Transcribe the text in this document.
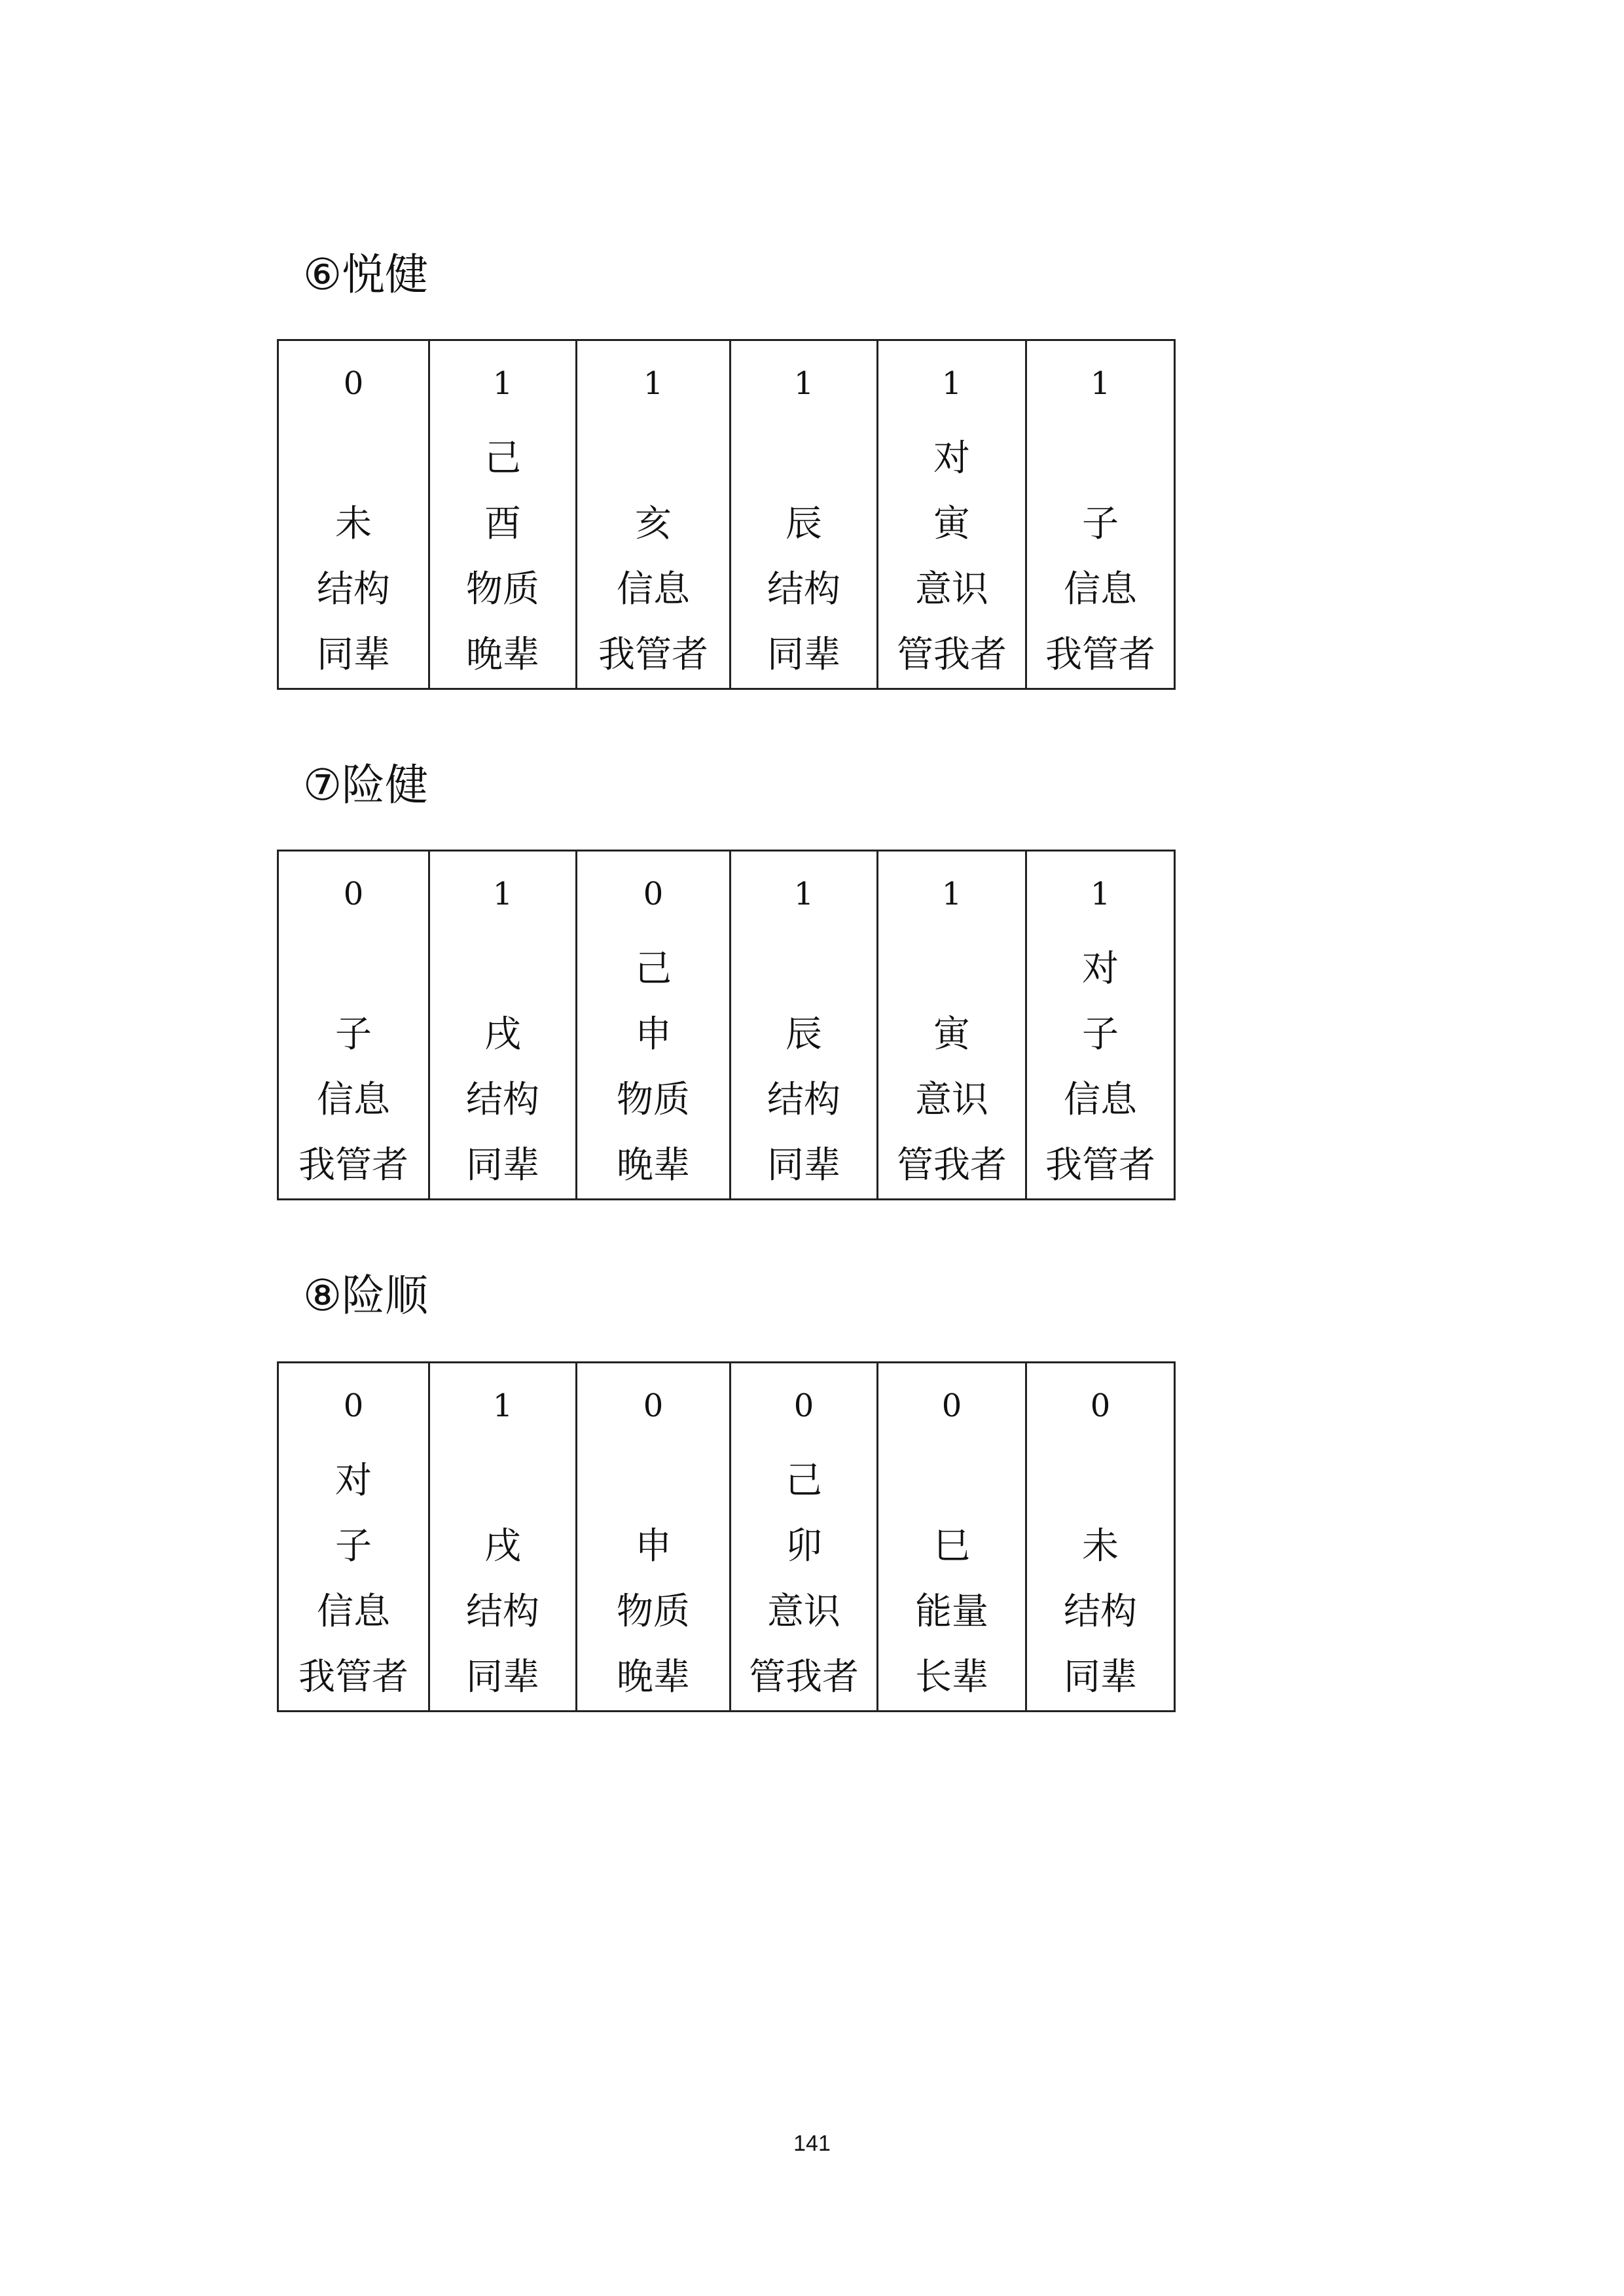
⑥悦健
0
未
结构
同辈

1
己
酉
物质
晚辈

1
亥
信息
我管者

1
辰
结构
同辈

1
对
寅
意识
管我者

1
子
信息
我管者
⑦险健
0
子
信息
我管者

1
戌
结构
同辈

0
己
申
物质
晚辈

1
辰
结构
同辈

1
寅
意识
管我者

1
对
子
信息
我管者
⑧险顺
0
对
子
信息
我管者

1
戌
结构
同辈

0
申
物质
晚辈

0
己
卯
意识
管我者

0
巳
能量
长辈

0
未
结构
同辈
141
